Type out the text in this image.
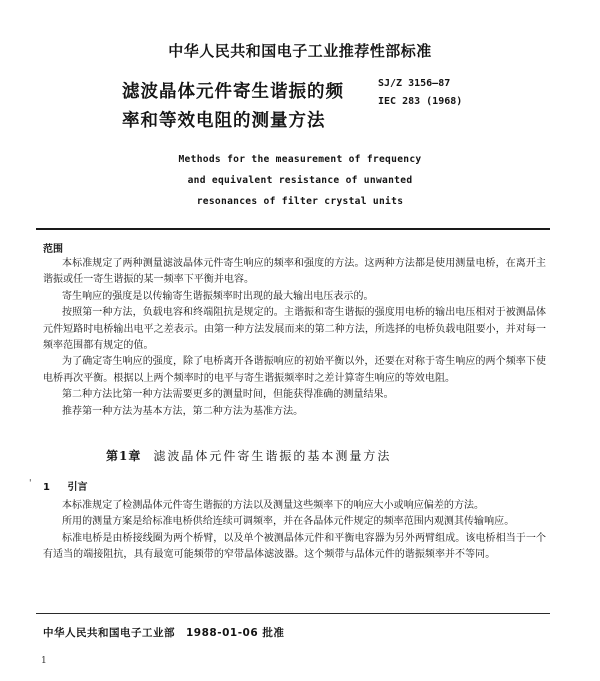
中华人民共和国电子工业推荐性部标准
滤波晶体元件寄生谐振的频
率和等效电阻的测量方法
SJ/Z 3156—87
IEC 283 (1968)
Methods for the measurement of frequency
and equivalent resistance of unwanted
resonances of filter crystal units
范围
本标准规定了两种测量滤波晶体元件寄生响应的频率和强度的方法。这两种方法都是使用测量电桥，在离开主谐振或任一寄生谐振的某一频率下平衡并电容。
寄生响应的强度是以传输寄生谐振频率时出现的最大输出电压表示的。
按照第一种方法，负载电容和终端阻抗是规定的。主谐振和寄生谐振的强度用电桥的输出电压相对于被测晶体元件短路时电桥输出电平之差表示。由第一种方法发展而来的第二种方法，所选择的电桥负载电阻要小，并对每一频率范围都有规定的值。
为了确定寄生响应的强度，除了电桥离开各谐振响应的初始平衡以外，还要在对称于寄生响应的两个频率下使电桥再次平衡。根据以上两个频率时的电平与寄生谐振频率时之差计算寄生响应的等效电阻。
第二种方法比第一种方法需要更多的测量时间，但能获得准确的测量结果。
推荐第一种方法为基本方法，第二种方法为基准方法。
第1章 滤波晶体元件寄生谐振的基本测量方法
1 引言
本标准规定了检测晶体元件寄生谐振的方法以及测量这些频率下的响应大小或响应偏差的方法。
所用的测量方案是给标准电桥供给连续可调频率，并在各晶体元件规定的频率范围内观测其传输响应。
标准电桥是由桥接线圈为两个桥臂，以及单个被测晶体元件和平衡电容器为另外两臂组成。该电桥相当于一个有适当的端接阻抗，具有最宽可能频带的窄带晶体滤波器。这个频带与晶体元件的谐振频率并不等同。
'
中华人民共和国电子工业部　1988-01-06 批准
1
